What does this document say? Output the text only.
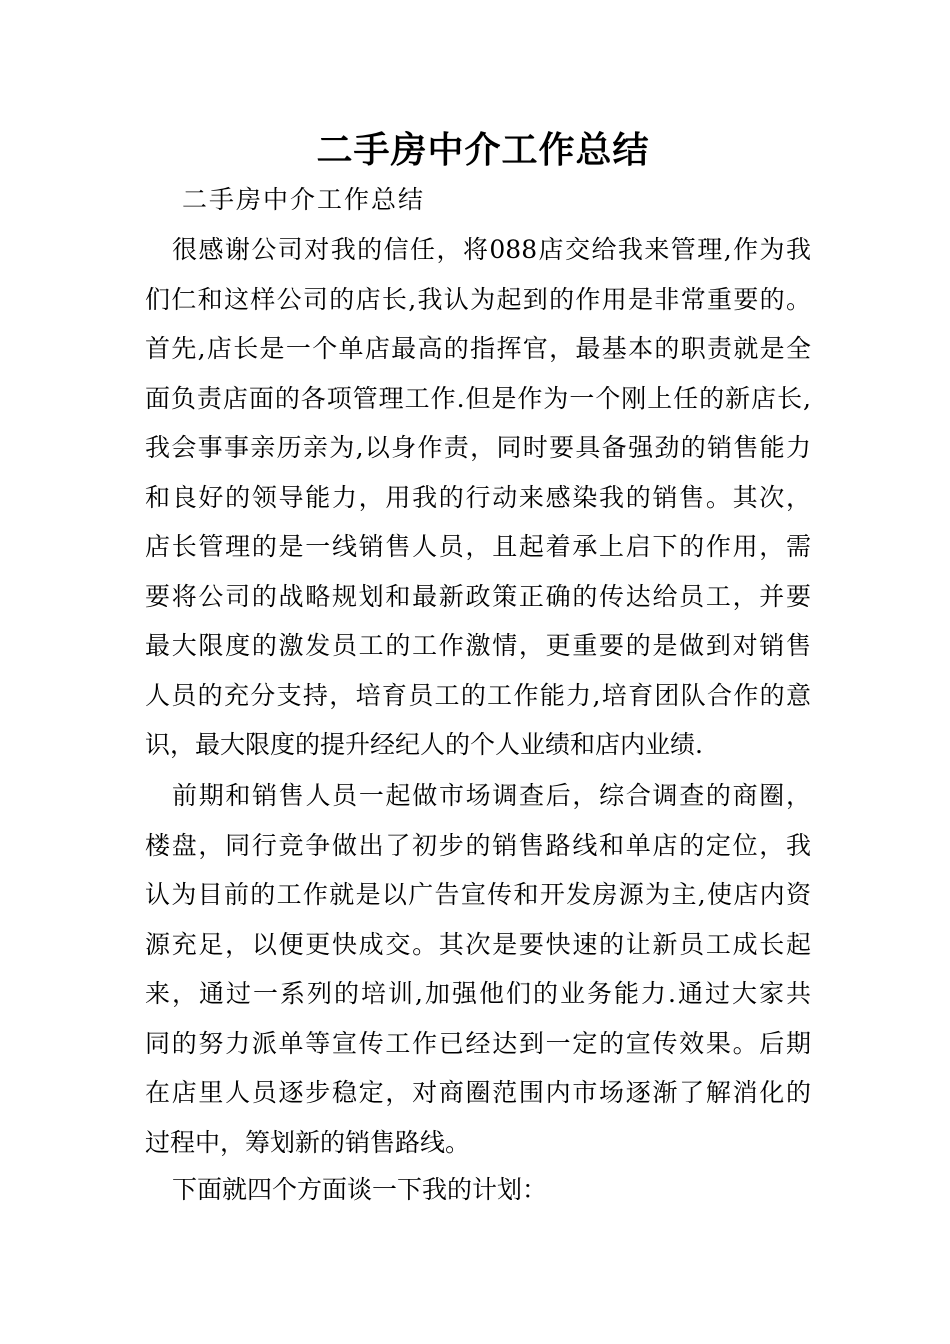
二手房中介工作总结
二手房中介工作总结
很感谢公司对我的信任，将088店交给我来管理,作为我
们仁和这样公司的店长,我认为起到的作用是非常重要的。
首先,店长是一个单店最高的指挥官，最基本的职责就是全
面负责店面的各项管理工作.但是作为一个刚上任的新店长,
我会事事亲历亲为,以身作责，同时要具备强劲的销售能力
和良好的领导能力，用我的行动来感染我的销售。其次，
店长管理的是一线销售人员，且起着承上启下的作用，需
要将公司的战略规划和最新政策正确的传达给员工，并要
最大限度的激发员工的工作激情，更重要的是做到对销售
人员的充分支持，培育员工的工作能力,培育团队合作的意
识，最大限度的提升经纪人的个人业绩和店内业绩.
前期和销售人员一起做市场调查后，综合调查的商圈，
楼盘，同行竞争做出了初步的销售路线和单店的定位，我
认为目前的工作就是以广告宣传和开发房源为主,使店内资
源充足，以便更快成交。其次是要快速的让新员工成长起
来，通过一系列的培训,加强他们的业务能力.通过大家共
同的努力派单等宣传工作已经达到一定的宣传效果。后期
在店里人员逐步稳定，对商圈范围内市场逐渐了解消化的
过程中，筹划新的销售路线。
下面就四个方面谈一下我的计划：
